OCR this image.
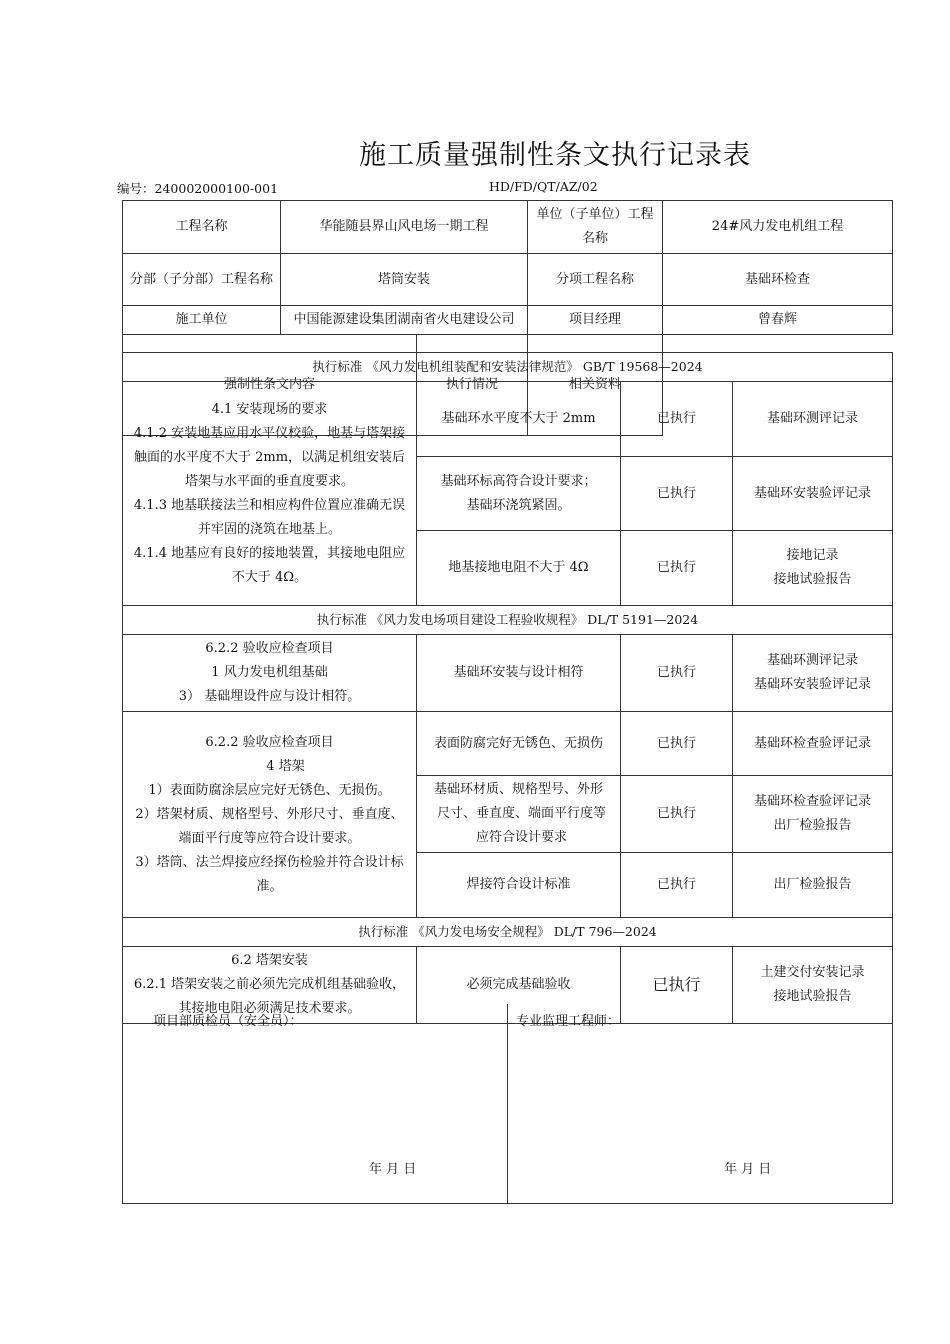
施工质量强制性条文执行记录表
编号：240002000100-001	HD/FD/QT/AZ/02
工程名称	华能随县界山风电场一期工程		单位（子单位）工程名称	24#风力发电机组工程
分部（子分部）工程名称	塔筒安装		分项工程名称	基础环检查
施工单位	中国能源建设集团湖南省火电建设公司		项目经理	曾春辉
强制性条文内容		执行情况	相关资料	
执行标准 《风力发电机组装配和安装法律规范》 GB/T 19568—2024			

4.1 安装现场的要求
4.1.2 安装地基应用水平仪校验，地基与塔架接触面的水平度不大于 2mm，以满足机组安装后塔架与水平面的垂直度要求。
4.1.3 地基联接法兰和相应构件位置应准确无误并牢固的浇筑在地基上。
4.1.4 地基应有良好的接地装置，其接地电阻应不大于 4Ω。	基础环水平度不大于 2mm	已执行	基础环测评记录

	基础环标高符合设计要求；
基础环浇筑紧固。	已执行	基础环安装验评记录
	地基接地电阻不大于 4Ω	已执行	接地记录
接地试验报告

执行标准 《风力发电场项目建设工程验收规程》 DL/T 5191—2024			

6.2.2 验收应检查项目
1 风力发电机组基础
3） 基础埋设件应与设计相符。	基础环安装与设计相符	已执行	基础环测评记录
基础环安装验评记录

6.2.2 验收应检查项目
4 塔架
1）表面防腐涂层应完好无锈色、无损伤。
2）塔架材质、规格型号、外形尺寸、垂直度、端面平行度等应符合设计要求。
3）塔筒、法兰焊接应经探伤检验并符合设计标准。	表面防腐完好无锈色、无损伤	已执行	基础环检查验评记录

	基础环材质、规格型号、外形
尺寸、垂直度、端面平行度等
应符合设计要求	已执行	基础环检查验评记录
出厂检验报告

	焊接符合设计标准	已执行	出厂检验报告
执行标准 《风力发电场安全规程》 DL/T 796—2024			

6.2 塔架安装
6.2.1 塔架安装之前必须先完成机组基础验收，其接地电阻必须满足技术要求。	必须完成基础验收	已执行	土建交付安装记录
接地试验报告
项目部质检员（安全员）：
年 月 日

专业监理工程师：
年 月 日
